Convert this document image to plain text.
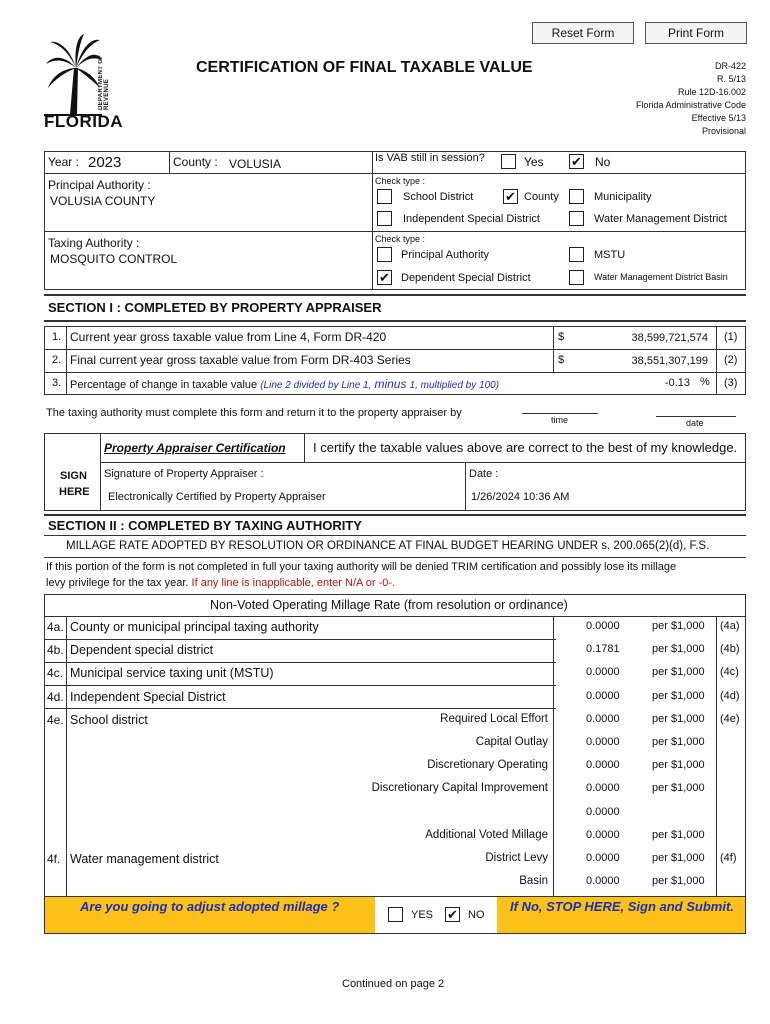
Reset Form	Print Form
DEPARTMENT OF REVENUE
FLORIDA
CERTIFICATION OF FINAL TAXABLE VALUE	DR-422
R. 5/13
Rule 12D-16.002
Florida Administrative Code
Effective 5/13
Provisional
Year : 2023	County : VOLUSIA	Is VAB still in session?	Yes ✔ No
Principal Authority :
VOLUSIA COUNTY
Check type :
School District ✔ County	Municipality
Independent Special District	Water Management District
Taxing Authority :
MOSQUITO CONTROL
Check type :
Principal Authority	MSTU
✔ Dependent Special District	Water Management District Basin
SECTION I : COMPLETED BY PROPERTY APPRAISER
1. Current year gross taxable value from Line 4, Form DR-420	$	38,599,721,574 (1)
2. Final current year gross taxable value from Form DR-403 Series	$	38,551,307,199 (2)
3. Percentage of change in taxable value (Line 2 divided by Line 1, minus 1, multiplied by 100)	-0.13 % (3)
The taxing authority must complete this form and return it to the property appraiser by
time	date
Property Appraiser Certification I certify the taxable values above are correct to the best of my knowledge.
SIGN
HERE
Signature of Property Appraiser :
Electronically Certified by Property Appraiser
Date :
1/26/2024 10:36 AM
SECTION II : COMPLETED BY TAXING AUTHORITY
MILLAGE RATE ADOPTED BY RESOLUTION OR ORDINANCE AT FINAL BUDGET HEARING UNDER s. 200.065(2)(d), F.S.
If this portion of the form is not completed in full your taxing authority will be denied TRIM certification and possibly lose its millage
levy privilege for the tax year. If any line is inapplicable, enter N/A or -0-.
Non-Voted Operating Millage Rate (from resolution or ordinance)
4a. County or municipal principal taxing authority	0.0000	per $1,000 (4a)
4b. Dependent special district	0.1781	per $1,000 (4b)
4c. Municipal service taxing unit (MSTU)	0.0000	per $1,000 (4c)
4d. Independent Special District	0.0000	per $1,000 (4d)
4e. School district	Required Local Effort	0.0000	per $1,000 (4e)
Capital Outlay	0.0000	per $1,000
Discretionary Operating	0.0000	per $1,000
Discretionary Capital Improvement	0.0000	per $1,000
0.0000
Additional Voted Millage	0.0000	per $1,000
4f. Water management district	District Levy	0.0000	per $1,000 (4f)
Basin	0.0000	per $1,000
Are you going to adjust adopted millage ?
YES ✔ NO
If No, STOP HERE, Sign and Submit.
Continued on page 2
